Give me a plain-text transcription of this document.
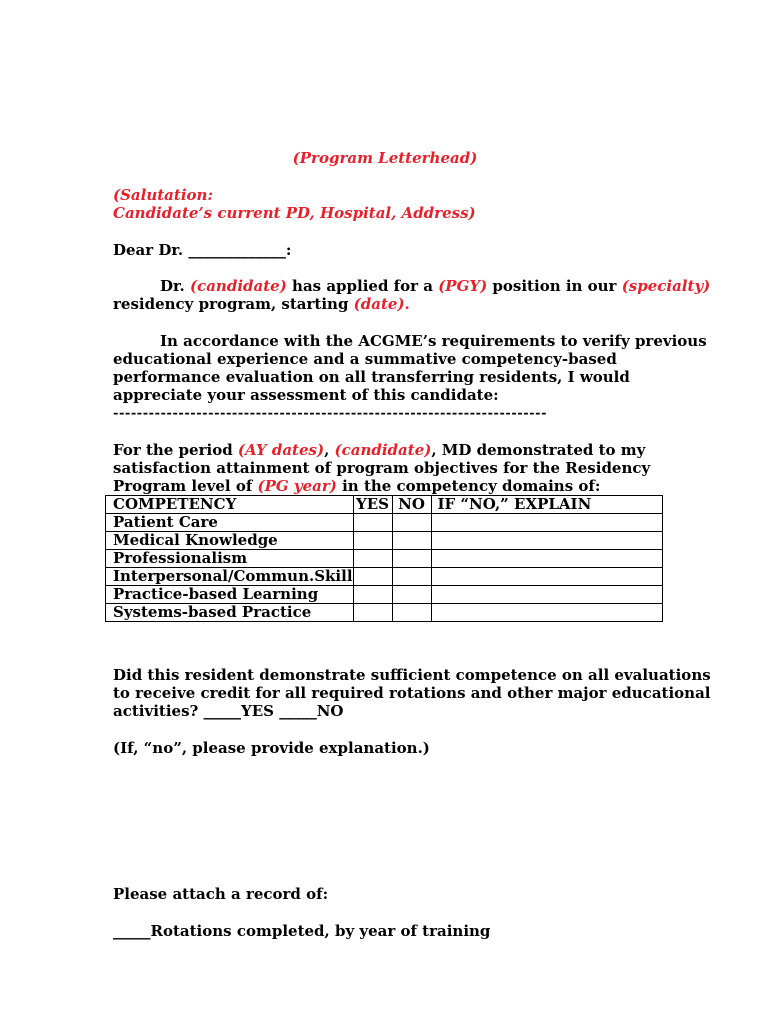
(Program Letterhead)
(Salutation:
Candidate’s current PD, Hospital, Address)
Dear Dr. _____________:
Dr. (candidate) has applied for a (PGY) position in our (specialty)
residency program, starting (date).
In accordance with the ACGME’s requirements to verify previous
educational experience and a summative competency-based
performance evaluation on all transferring residents, I would
appreciate your assessment of this candidate:
-------------------------------------------------------------------------
For the period (AY dates), (candidate), MD demonstrated to my
satisfaction attainment of program objectives for the Residency
Program level of (PG year) in the competency domains of:
COMPETENCY	YES	NO	IF “NO,” EXPLAIN
Patient Care			
Medical Knowledge			
Professionalism			
Interpersonal/Commun.Skill			
Practice-based Learning			
Systems-based Practice			
Did this resident demonstrate sufficient competence on all evaluations
to receive credit for all required rotations and other major educational
activities? _____YES _____NO
(If, “no”, please provide explanation.)
Please attach a record of:
_____Rotations completed, by year of training
